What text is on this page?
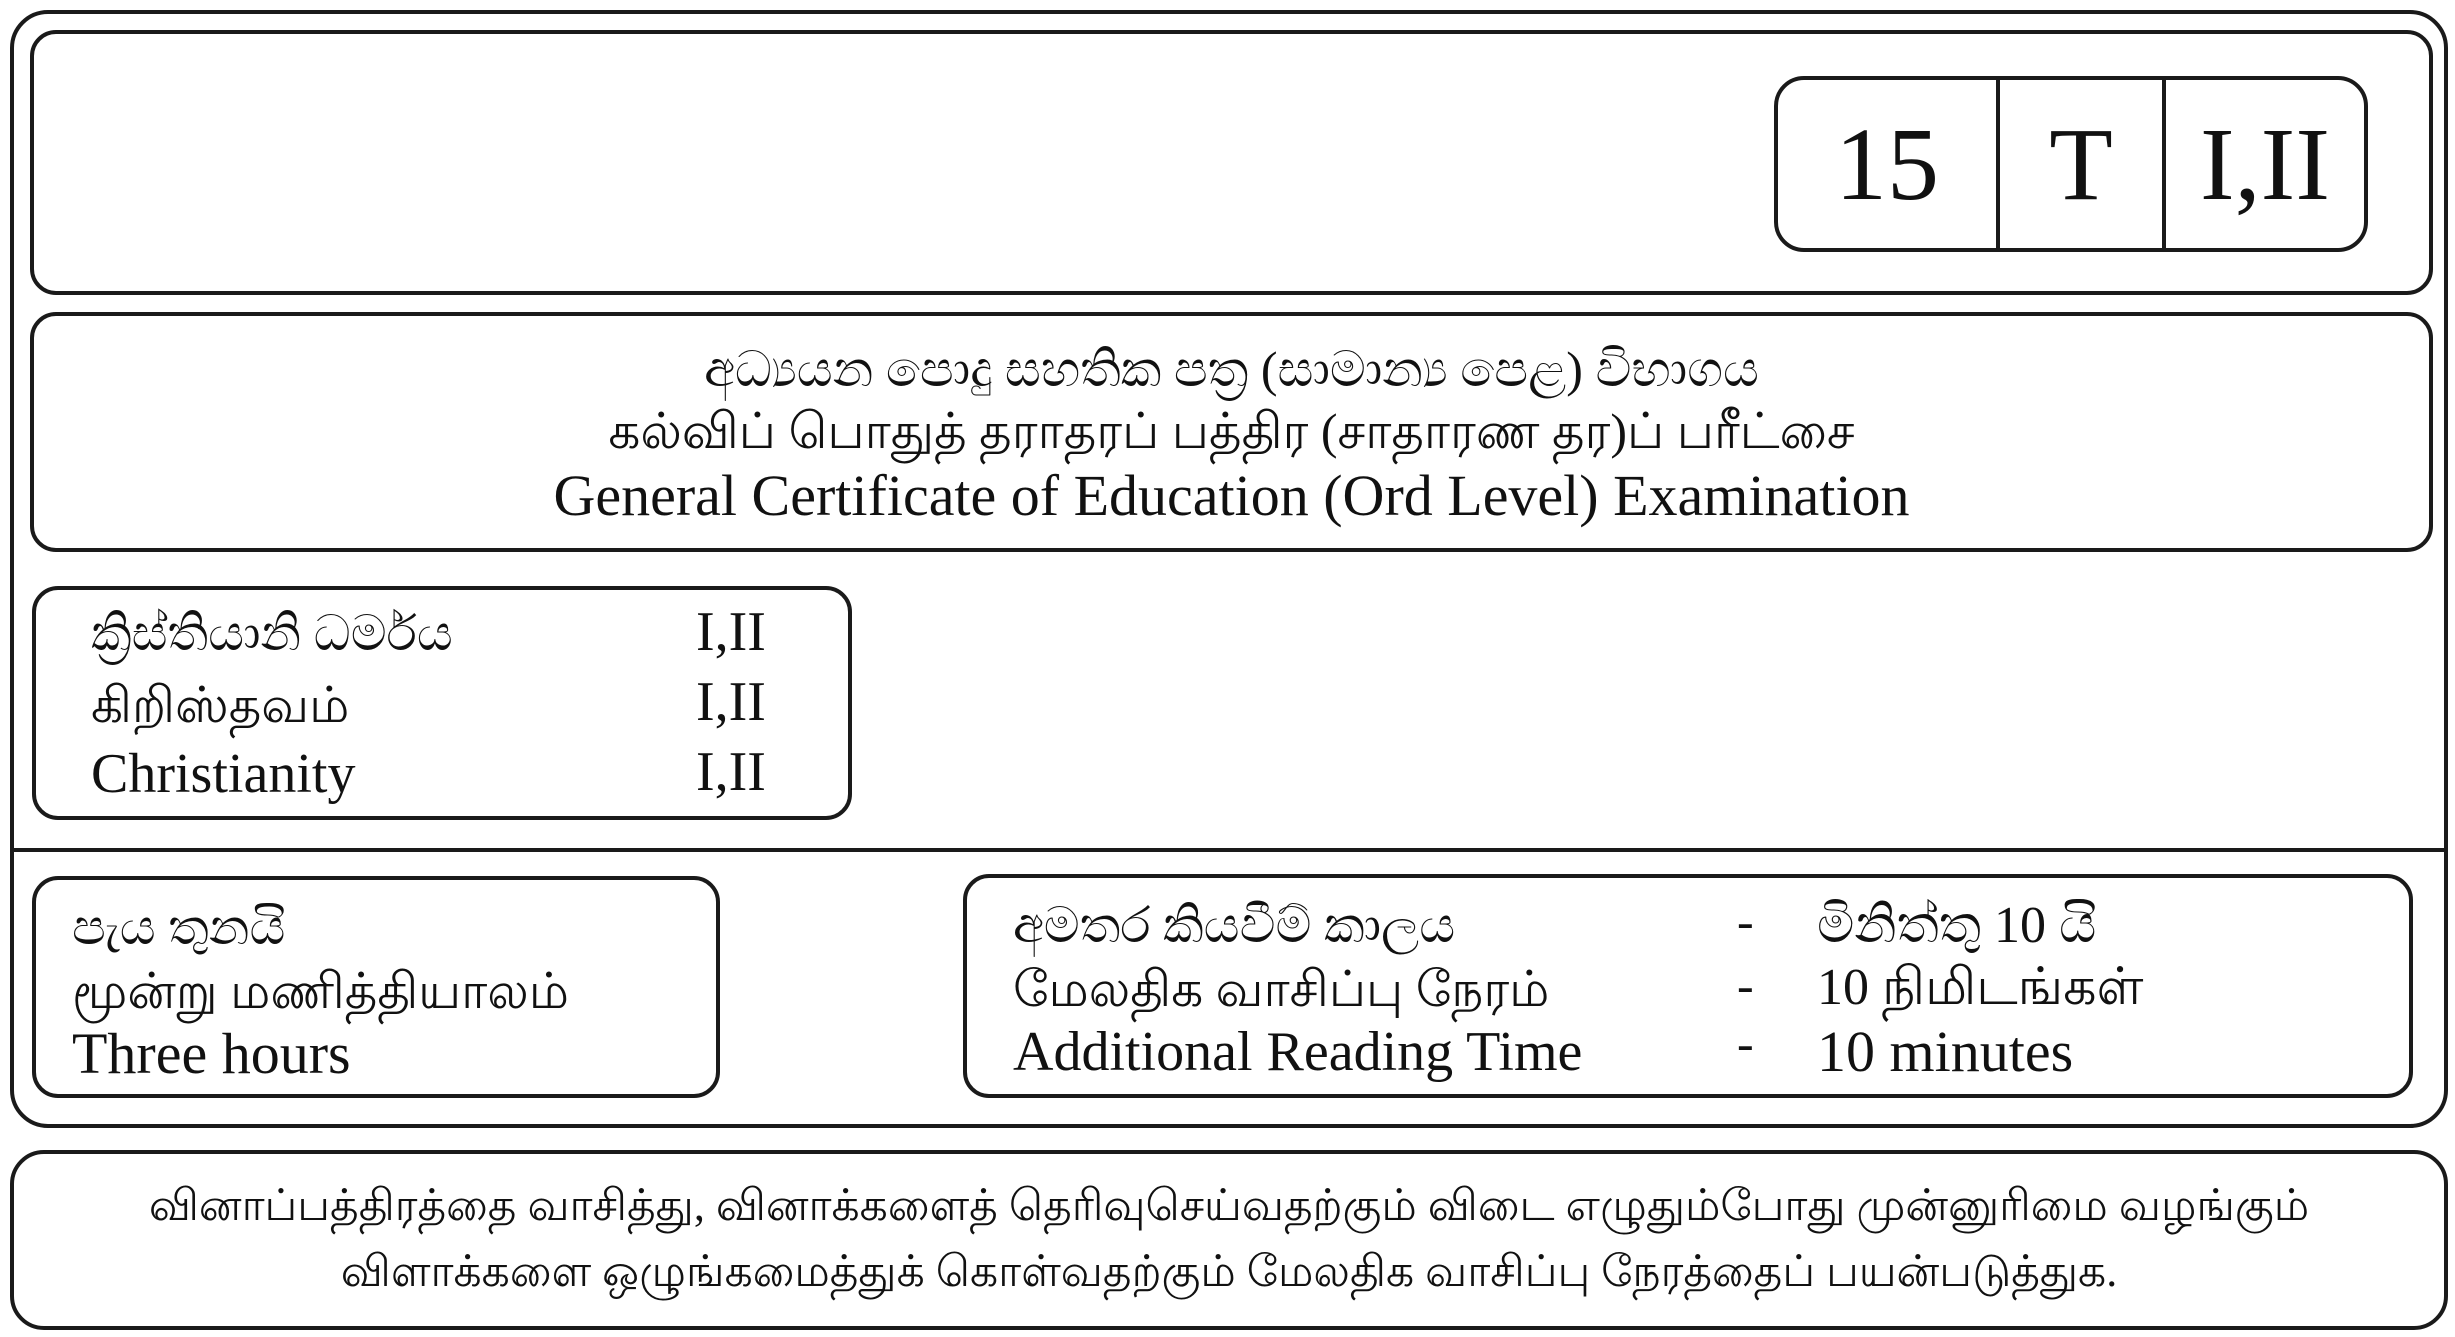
15	T I,II
අධ්‍යයන පොදු සහතික පත්‍ර (සාමාන්‍ය පෙළ) විභාගය
கல்விப் பொதுத் தராதரப் பத்திர (சாதாரண தர)ப் பரீட்சை
General Certificate of Education (Ord Level) Examination
ක්‍රිස්තියානි ධර්මය	I,II
கிறிஸ்தவம்	I,II
Christianity	I,II
පැය තුනයි
மூன்று மணித்தியாலம்
Three hours
අමතර කියවීම් කාලය	- මිනිත්තු 10 යි
மேலதிக வாசிப்பு நேரம்	- 10 நிமிடங்கள்
Additional Reading Time	- 10 minutes
வினாப்பத்திரத்தை வாசித்து, வினாக்களைத் தெரிவுசெய்வதற்கும் விடை எழுதும்போது முன்னுரிமை வழங்கும்
விளாக்களை ஒழுங்கமைத்துக் கொள்வதற்கும் மேலதிக வாசிப்பு நேரத்தைப் பயன்படுத்துக.
